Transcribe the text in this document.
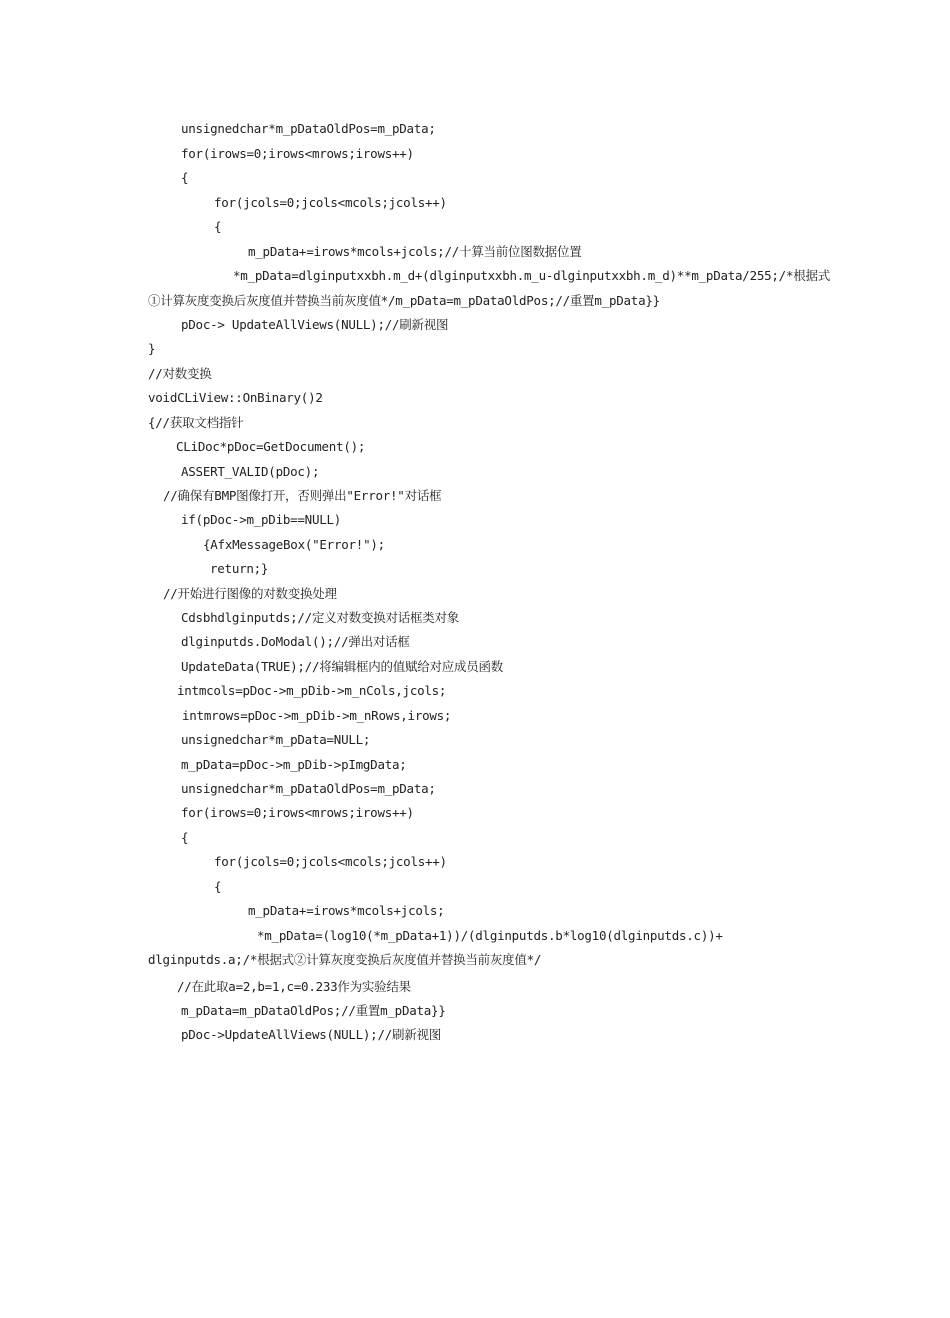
unsignedchar*m_pDataOldPos=m_pData;
for(irows=0;irows<mrows;irows++)
{
for(jcols=0;jcols<mcols;jcols++)
{
m_pData+=irows*mcols+jcols;//十算当前位图数据位置
*m_pData=dlginputxxbh.m_d+(dlginputxxbh.m_u-dlginputxxbh.m_d)**m_pData/255;/*根据式
①计算灰度变换后灰度值并替换当前灰度值*/m_pData=m_pDataOldPos;//重置m_pData}}
pDoc-> UpdateAllViews(NULL);//刷新视图
}
//对数变换
voidCLiView::OnBinary()2
{//获取文档指针
CLiDoc*pDoc=GetDocument();
ASSERT_VALID(pDoc);
//确保有BMP图像打开，否则弹出"Error!"对话框
if(pDoc->m_pDib==NULL)
{AfxMessageBox("Error!");
return;}
//开始进行图像的对数变换处理
Cdsbhdlginputds;//定义对数变换对话框类对象
dlginputds.DoModal();//弹出对话框
UpdateData(TRUE);//将编辑框内的值赋给对应成员函数
intmcols=pDoc->m_pDib->m_nCols,jcols;
intmrows=pDoc->m_pDib->m_nRows,irows;
unsignedchar*m_pData=NULL;
m_pData=pDoc->m_pDib->pImgData;
unsignedchar*m_pDataOldPos=m_pData;
for(irows=0;irows<mrows;irows++)
{
for(jcols=0;jcols<mcols;jcols++)
{
m_pData+=irows*mcols+jcols;
*m_pData=(log10(*m_pData+1))/(dlginputds.b*log10(dlginputds.c))+
dlginputds.a;/*根据式②计算灰度变换后灰度值并替换当前灰度值*/
//在此取a=2,b=1,c=0.233作为实验结果
m_pData=m_pDataOldPos;//重置m_pData}}
pDoc->UpdateAllViews(NULL);//刷新视图
